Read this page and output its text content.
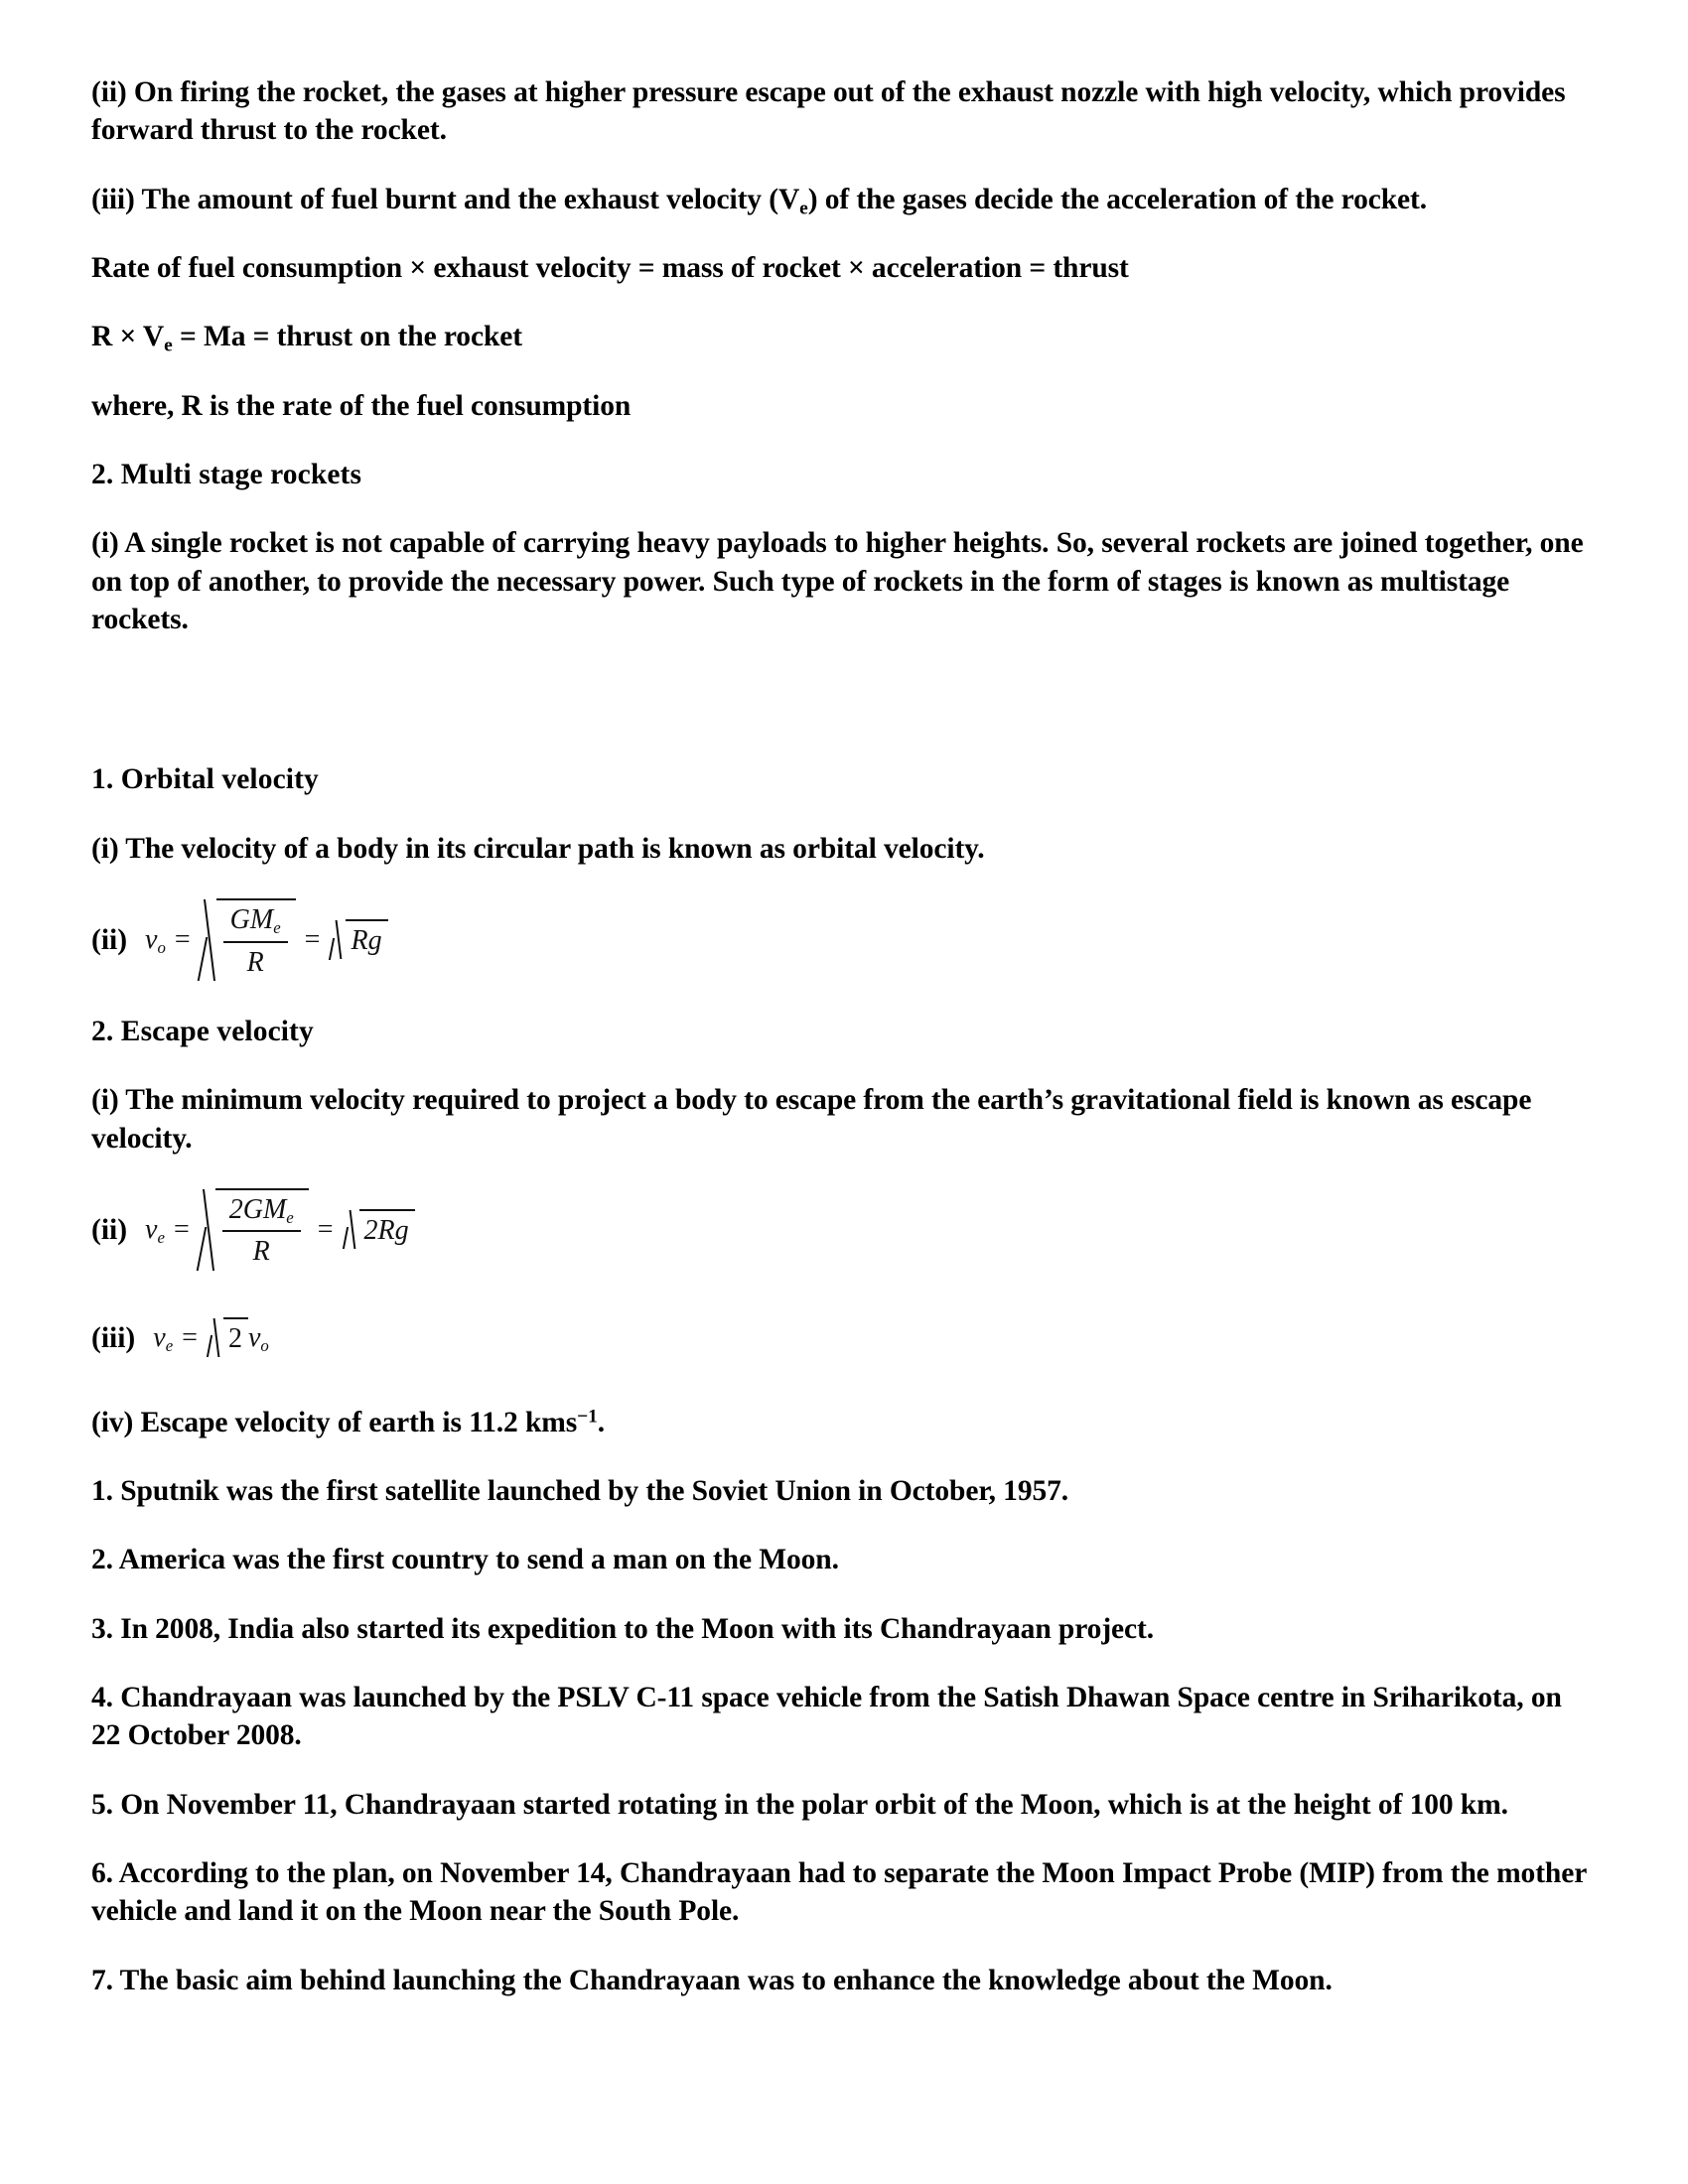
(ii) On firing the rocket, the gases at higher pressure escape out of the exhaust nozzle with high velocity, which provides forward thrust to the rocket.

(iii) The amount of fuel burnt and the exhaust velocity $(V_e)$ of the gases decide the acceleration of the rocket.

Rate of fuel consumption × exhaust velocity = mass of rocket × acceleration = thrust

$R \times V_e = Ma$ = thrust on the rocket

where, R is the rate of the fuel consumption

2. Multi stage rockets

(i) A single rocket is not capable of carrying heavy payloads to higher heights. So, several rockets are joined together, one on top of another, to provide the necessary power. Such type of rockets in the form of stages is known as multistage rockets.

1. Orbital velocity

(i) The velocity of a body in its circular path is known as orbital velocity.

(ii) $v_o = \frac{GM_e}{R} = Rg$
2. Escape velocity

(i) The minimum velocity required to project a body to escape from the earth’s gravitational field is known as escape velocity.

(ii) $v_e = \frac{2GM_e}{R} = 2Rg$
(iii) $v_e = 2$ $v_o$

(iv) Escape velocity of earth is 11.2 kms$^{-1}$.

1. Sputnik was the first satellite launched by the Soviet Union in October, 1957.

2. America was the first country to send a man on the Moon.

3. In 2008, India also started its expedition to the Moon with its Chandrayaan project.

4. Chandrayaan was launched by the PSLV C-11 space vehicle from the Satish Dhawan Space centre in Sriharikota, on 22 October 2008.

5. On November 11, Chandrayaan started rotating in the polar orbit of the Moon, which is at the height of 100 km.

6. According to the plan, on November 14, Chandrayaan had to separate the Moon Impact Probe (MIP) from the mother vehicle and land it on the Moon near the South Pole.

7. The basic aim behind launching the Chandrayaan was to enhance the knowledge about the Moon.
